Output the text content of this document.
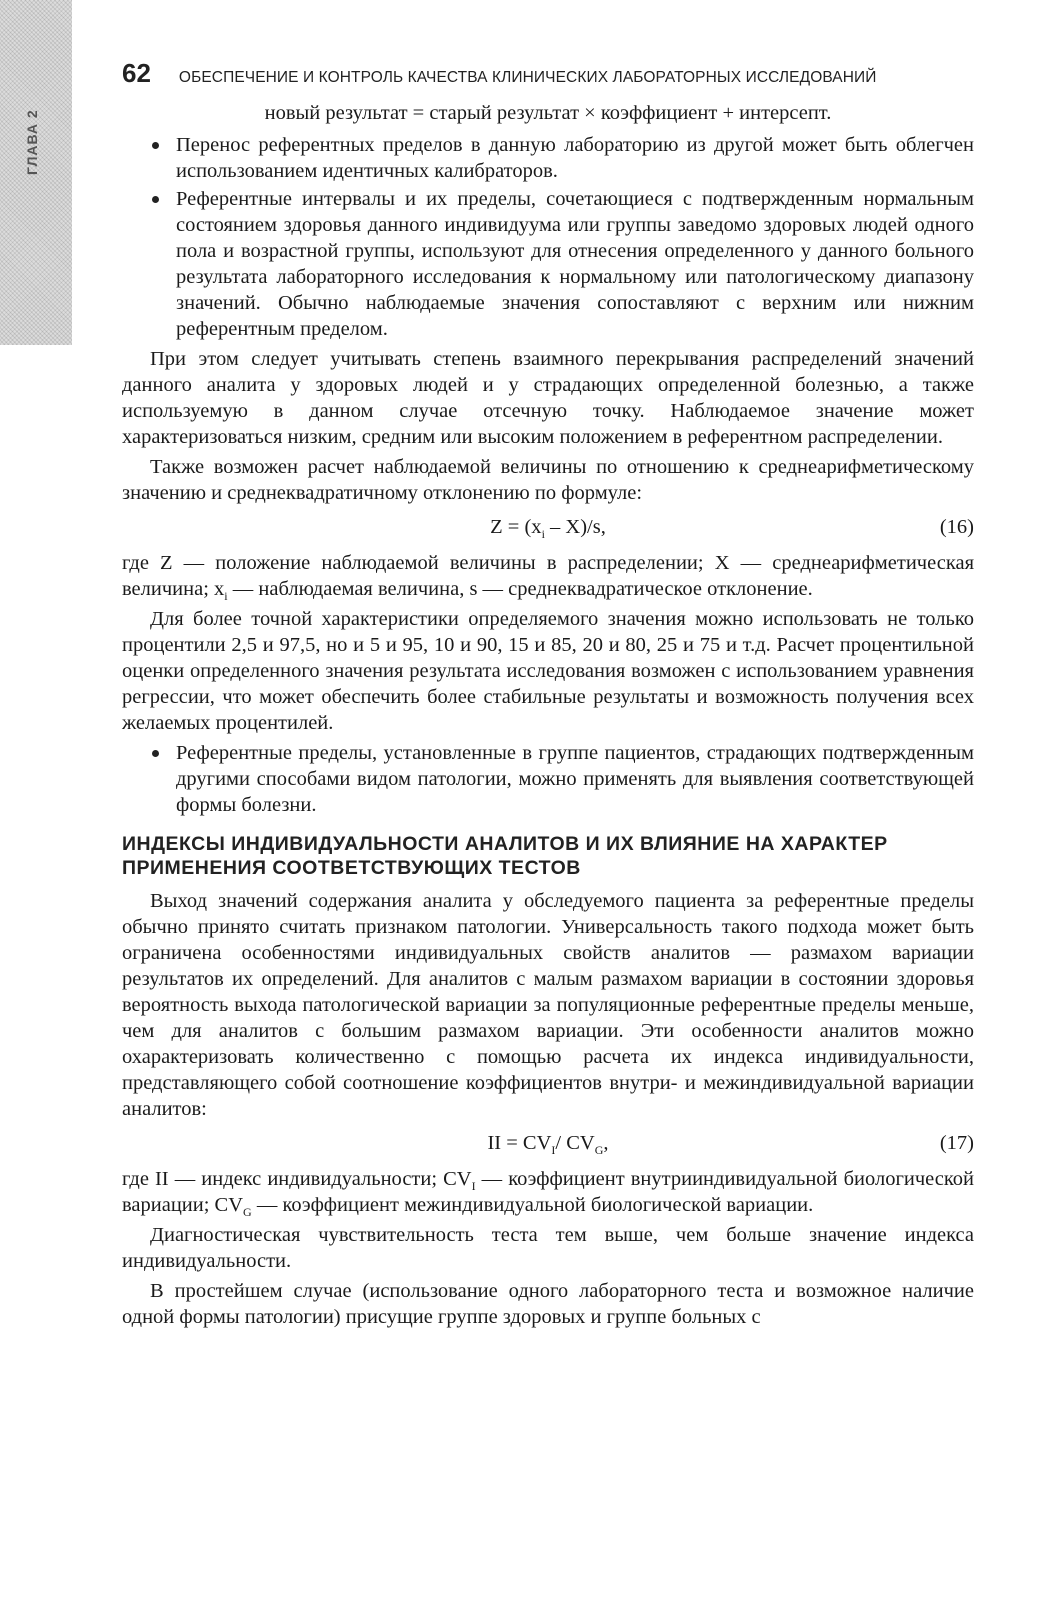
ГЛАВА 2
62 ОБЕСПЕЧЕНИЕ И КОНТРОЛЬ КАЧЕСТВА КЛИНИЧЕСКИХ ЛАБОРАТОРНЫХ ИССЛЕДОВАНИЙ

новый результат = старый результат × коэффициент + интерсепт.

Перенос референтных пределов в данную лабораторию из другой может быть облегчен использованием идентичных калибраторов.
Референтные интервалы и их пределы, сочетающиеся с подтвержденным нормальным состоянием здоровья данного индивидуума или группы заведомо здоровых людей одного пола и возрастной группы, используют для отнесения определенного у данного больного результата лабораторного исследования к нормальному или патологическому диапазону значений. Обычно наблюдаемые значения сопоставляют с верхним или нижним референтным пределом.

При этом следует учитывать степень взаимного перекрывания распределений значений данного аналита у здоровых людей и у страдающих определенной болезнью, а также используемую в данном случае отсечную точку. Наблюдаемое значение может характеризоваться низким, средним или высоким положением в референтном распределении.

Также возможен расчет наблюдаемой величины по отношению к среднеарифметическому значению и среднеквадратичному отклонению по формуле:

$Z = (x_i - X)/s$,	(16)

где Z — положение наблюдаемой величины в распределении; X — среднеарифметическая величина; $x_i$ — наблюдаемая величина, s — среднеквадратическое отклонение.

Для более точной характеристики определяемого значения можно использовать не только процентили 2,5 и 97,5, но и 5 и 95, 10 и 90, 15 и 85, 20 и 80, 25 и 75 и т.д. Расчет процентильной оценки определенного значения результата исследования возможен с использованием уравнения регрессии, что может обеспечить более стабильные результаты и возможность получения всех желаемых процентилей.

Референтные пределы, установленные в группе пациентов, страдающих подтвержденным другими способами видом патологии, можно применять для выявления соответствующей формы болезни.
ИНДЕКСЫ ИНДИВИДУАЛЬНОСТИ АНАЛИТОВ И ИХ ВЛИЯНИЕ НА ХАРАКТЕР ПРИМЕНЕНИЯ СООТВЕТСТВУЮЩИХ ТЕСТОВ

Выход значений содержания аналита у обследуемого пациента за референтные пределы обычно принято считать признаком патологии. Универсальность такого подхода может быть ограничена особенностями индивидуальных свойств аналитов — размахом вариации результатов их определений. Для аналитов с малым размахом вариации в состоянии здоровья вероятность выхода патологической вариации за популяционные референтные пределы меньше, чем для аналитов с большим размахом вариации. Эти особенности аналитов можно охарактеризовать количественно с помощью расчета их индекса индивидуальности, представляющего собой соотношение коэффициентов внутри- и межиндивидуальной вариации аналитов:

II = $CV_I/$ $CV_G$,	(17)

где II — индекс индивидуальности; $CV_I$ — коэффициент внутрииндивидуальной биологической вариации; $CV_G$ — коэффициент межиндивидуальной биологической вариации.

Диагностическая чувствительность теста тем выше, чем больше значение индекса индивидуальности.

В простейшем случае (использование одного лабораторного теста и возможное наличие одной формы патологии) присущие группе здоровых и группе больных с
